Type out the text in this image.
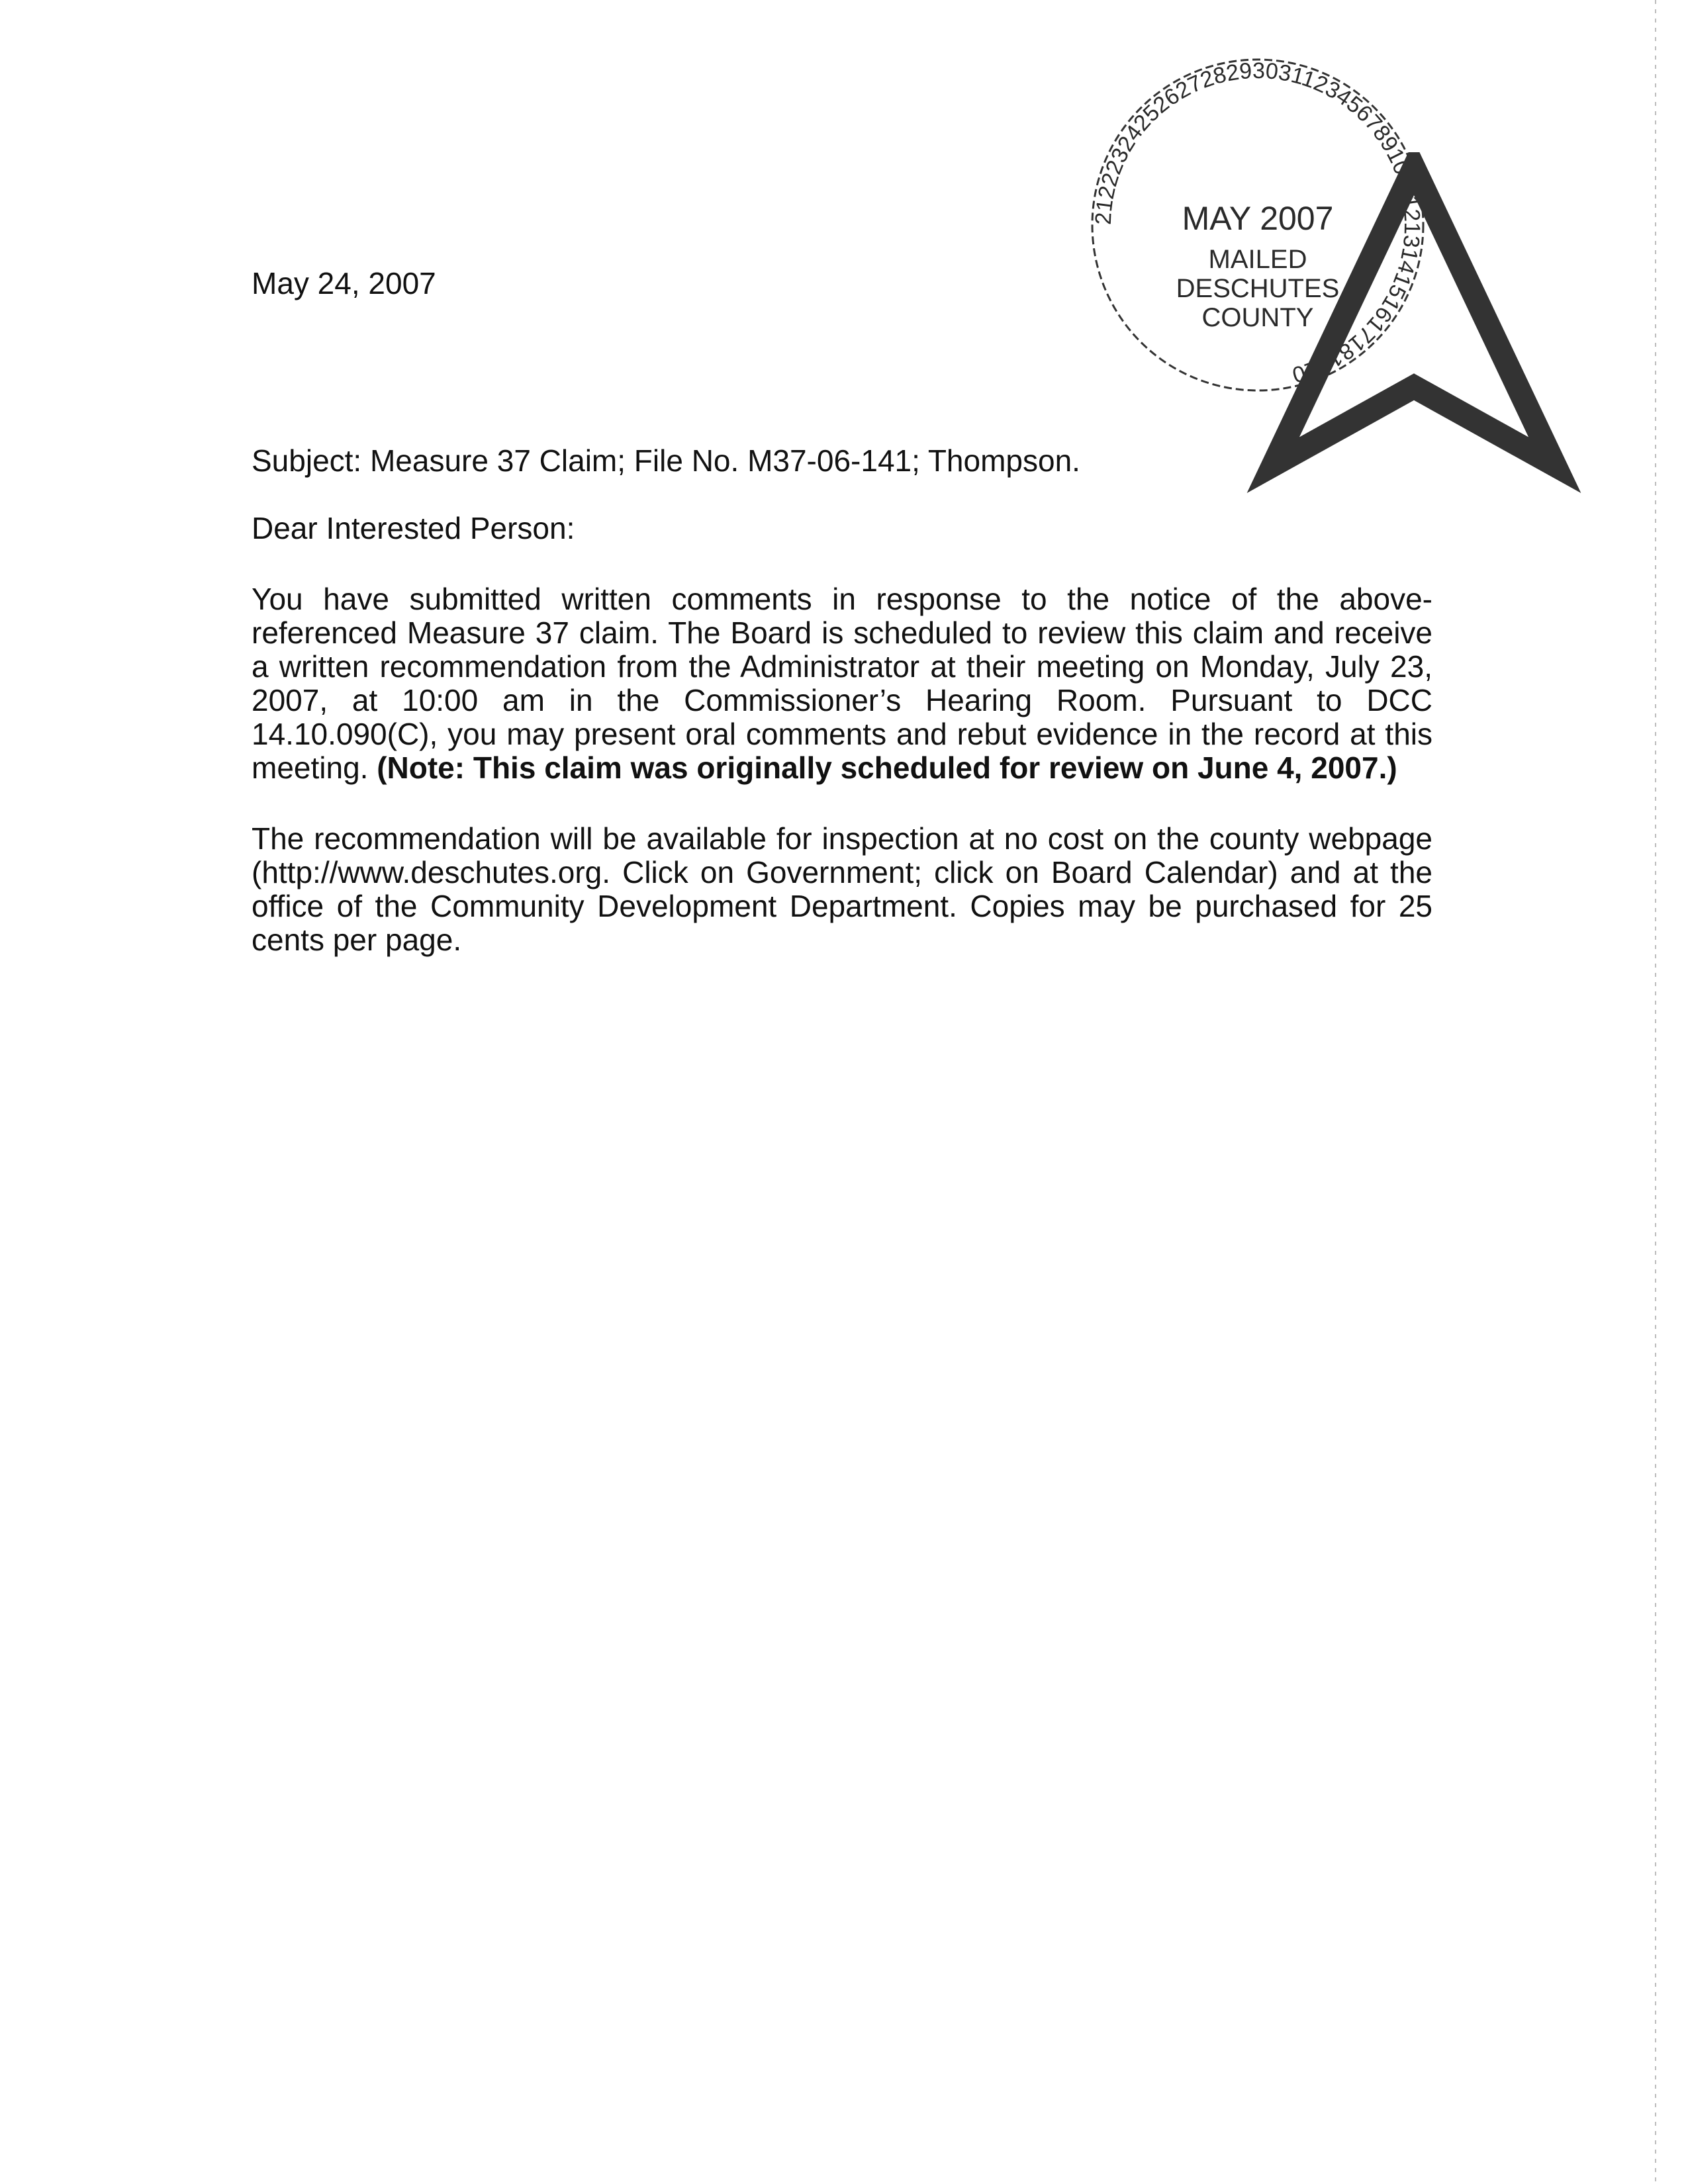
May 24, 2007
21222324252627282930311234567891011121314151617181920
MAY 2007
MAILED
DESCHUTES
COUNTY
Subject: Measure 37 Claim; File No. M37-06-141; Thompson.
Dear Interested Person:
You have submitted written comments in response to the notice of the above-referenced Measure 37 claim. The Board is scheduled to review this claim and receive a written recommendation from the Administrator at their meeting on Monday, July 23, 2007, at 10:00 am in the Commissioner’s Hearing Room. Pursuant to DCC 14.10.090(C), you may present oral comments and rebut evidence in the record at this meeting. (Note: This claim was originally scheduled for review on June 4, 2007.)
The recommendation will be available for inspection at no cost on the county webpage (http://www.deschutes.org. Click on Government; click on Board Calendar) and at the office of the Community Development Department. Copies may be purchased for 25 cents per page.
